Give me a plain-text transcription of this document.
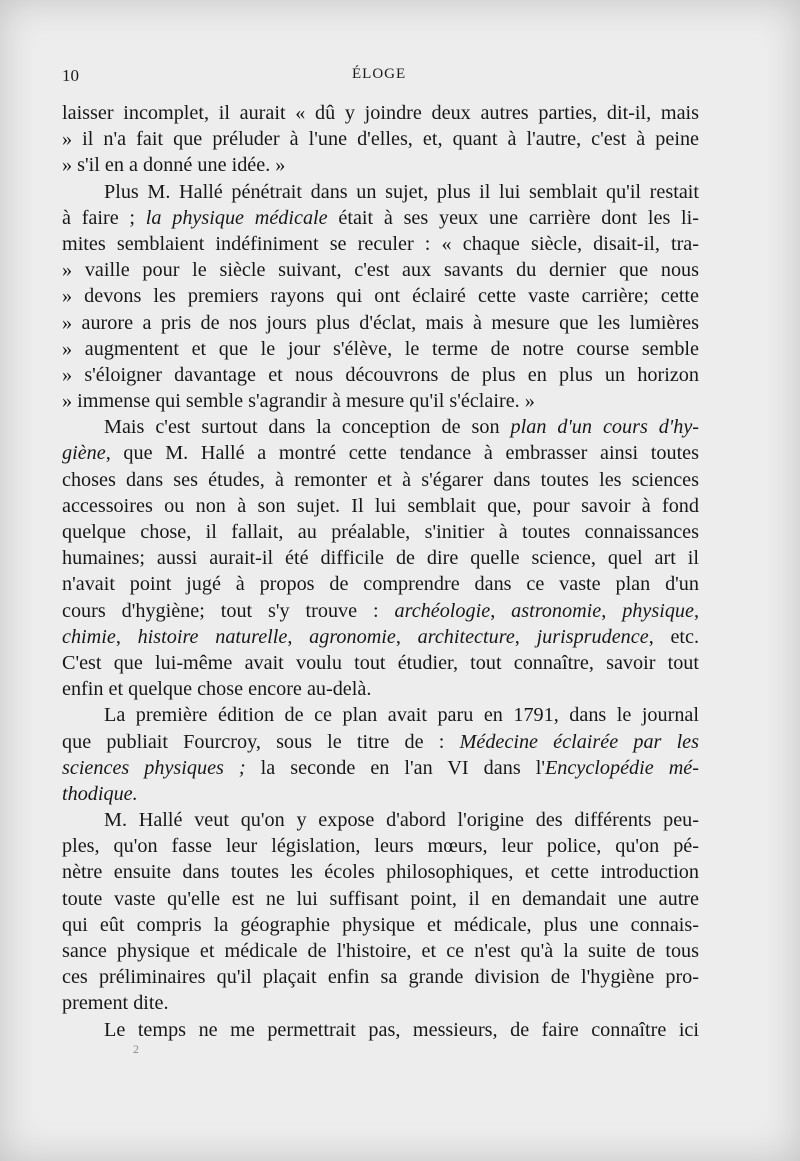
10	ÉLOGE
laisser incomplet, il aurait « dû y joindre deux autres parties, dit-il, mais
» il n'a fait que préluder à l'une d'elles, et, quant à l'autre, c'est à peine
» s'il en a donné une idée. »
Plus M. Hallé pénétrait dans un sujet, plus il lui semblait qu'il restait
à faire ; la physique médicale était à ses yeux une carrière dont les li-
mites semblaient indéfiniment se reculer : « chaque siècle, disait-il, tra-
» vaille pour le siècle suivant, c'est aux savants du dernier que nous
» devons les premiers rayons qui ont éclairé cette vaste carrière; cette
» aurore a pris de nos jours plus d'éclat, mais à mesure que les lumières
» augmentent et que le jour s'élève, le terme de notre course semble
» s'éloigner davantage et nous découvrons de plus en plus un horizon
» immense qui semble s'agrandir à mesure qu'il s'éclaire. »
Mais c'est surtout dans la conception de son plan d'un cours d'hy-
giène, que M. Hallé a montré cette tendance à embrasser ainsi toutes
choses dans ses études, à remonter et à s'égarer dans toutes les sciences
accessoires ou non à son sujet. Il lui semblait que, pour savoir à fond
quelque chose, il fallait, au préalable, s'initier à toutes connaissances
humaines; aussi aurait-il été difficile de dire quelle science, quel art il
n'avait point jugé à propos de comprendre dans ce vaste plan d'un
cours d'hygiène; tout s'y trouve : archéologie, astronomie, physique,
chimie, histoire naturelle, agronomie, architecture, jurisprudence, etc.
C'est que lui-même avait voulu tout étudier, tout connaître, savoir tout
enfin et quelque chose encore au-delà.
La première édition de ce plan avait paru en 1791, dans le journal
que publiait Fourcroy, sous le titre de : Médecine éclairée par les
sciences physiques ; la seconde en l'an VI dans l'Encyclopédie mé-
thodique.
M. Hallé veut qu'on y expose d'abord l'origine des différents peu-
ples, qu'on fasse leur législation, leurs mœurs, leur police, qu'on pé-
nètre ensuite dans toutes les écoles philosophiques, et cette introduction
toute vaste qu'elle est ne lui suffisant point, il en demandait une autre
qui eût compris la géographie physique et médicale, plus une connais-
sance physique et médicale de l'histoire, et ce n'est qu'à la suite de tous
ces préliminaires qu'il plaçait enfin sa grande division de l'hygiène pro-
prement dite.
Le temps ne me permettrait pas, messieurs, de faire connaître ici
2
